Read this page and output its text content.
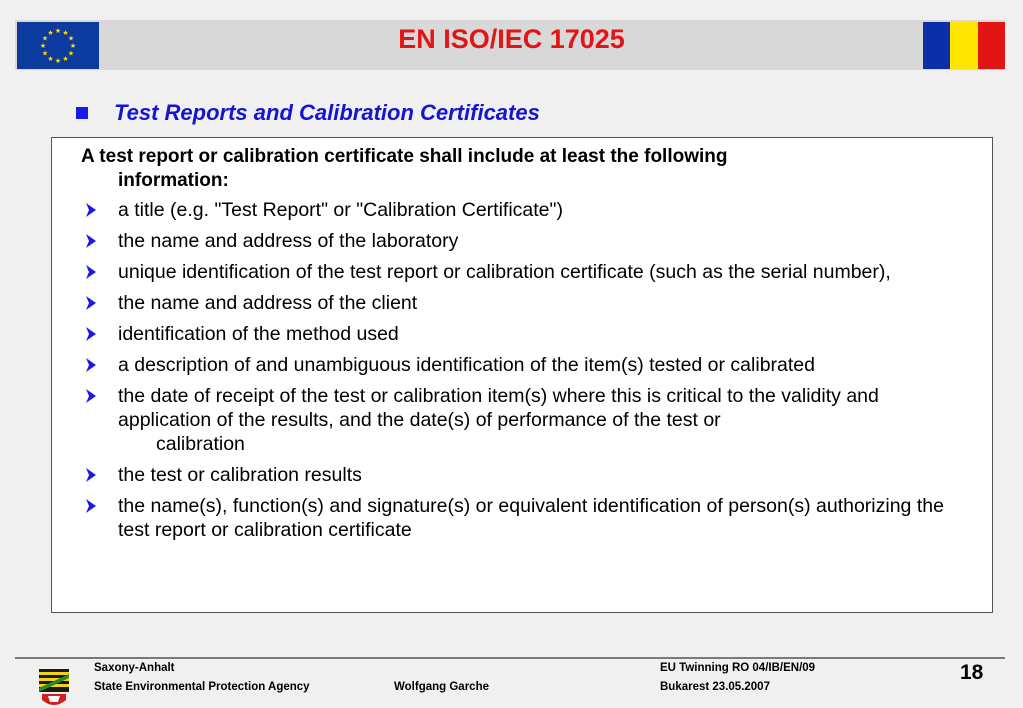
★ ★
★
★
★
★
★
★
★
★
★
★	EN ISO/IEC 17025
Test Reports and Calibration Certificates
A test report or calibration certificate shall include at least the following
information:
a title (e.g. "Test Report" or "Calibration Certificate")
the name and address of the laboratory
unique identification of the test report or calibration certificate (such as the serial number),
the name and address of the client
identification of the method used
a description of and unambiguous identification of the item(s) tested or calibrated
the date of receipt of the test or calibration item(s) where this is critical to the validity and application of the results, and the date(s) of performance of the test or
calibration
the test or calibration results
the name(s), function(s) and signature(s) or equivalent identification of person(s) authorizing the test report or calibration certificate
Saxony-Anhalt
State Environmental Protection Agency	Wolfgang Garche
EU Twinning RO 04/IB/EN/09
Bukarest 23.05.2007
18
